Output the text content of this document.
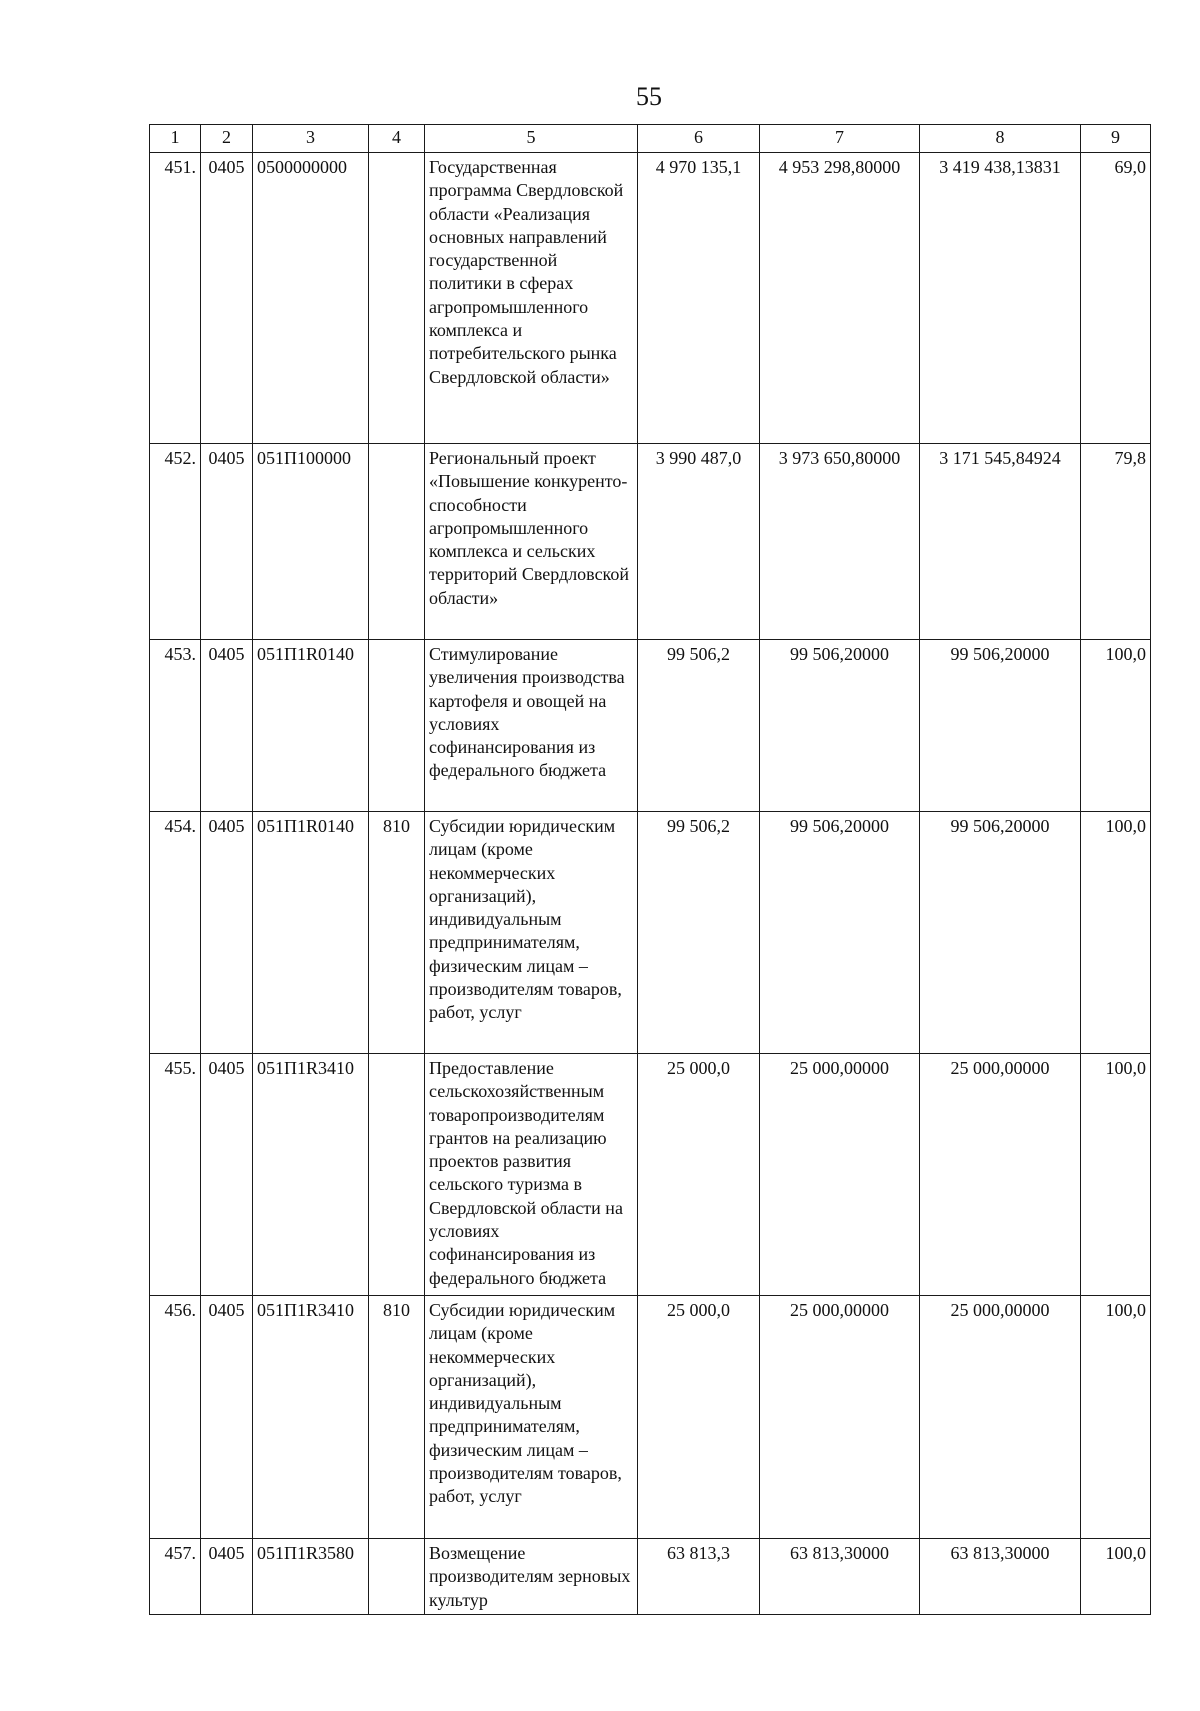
55
1	2	3	4	5	6	7	8	9
451.	0405	0500000000		Государственная программа Свердловской области «Реализация основных направлений государственной политики в сферах агропромышленного комплекса и потребительского рынка Свердловской области»	4 970 135,1	4 953 298,80000	3 419 438,13831	69,0
452.	0405	051П100000		Региональный проект «Повышение конкуренто-способности агропромышленного комплекса и сельских территорий Свердловской области»	3 990 487,0	3 973 650,80000	3 171 545,84924	79,8
453.	0405	051П1R0140		Стимулирование увеличения производства картофеля и овощей на условиях софинансирования из федерального бюджета	99 506,2	99 506,20000	99 506,20000	100,0
454.	0405	051П1R0140	810	Субсидии юридическим лицам (кроме некоммерческих организаций), индивидуальным предпринимателям, физическим лицам – производителям товаров, работ, услуг	99 506,2	99 506,20000	99 506,20000	100,0
455.	0405	051П1R3410		Предоставление сельскохозяйственным товаропроизводителям грантов на реализацию проектов развития сельского туризма в Свердловской области на условиях софинансирования из федерального бюджета	25 000,0	25 000,00000	25 000,00000	100,0
456.	0405	051П1R3410	810	Субсидии юридическим лицам (кроме некоммерческих организаций), индивидуальным предпринимателям, физическим лицам – производителям товаров, работ, услуг	25 000,0	25 000,00000	25 000,00000	100,0
457.	0405	051П1R3580		Возмещение производителям зерновых культур	63 813,3	63 813,30000	63 813,30000	100,0
